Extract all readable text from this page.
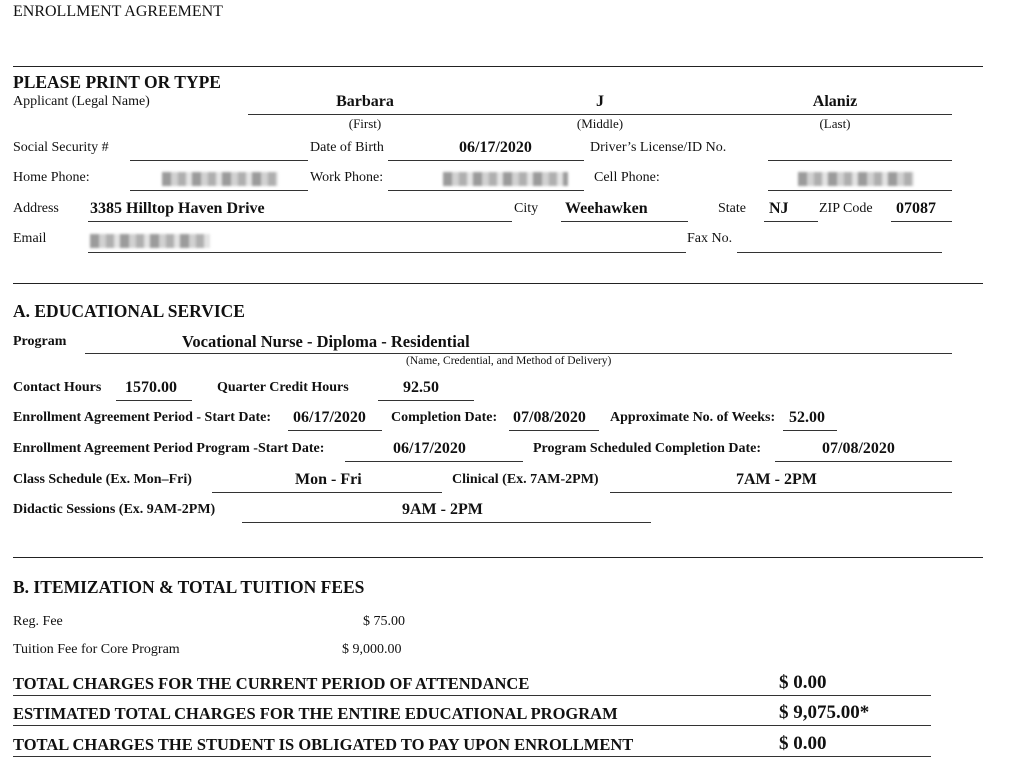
ENROLLMENT AGREEMENT
PLEASE PRINT OR TYPE
Applicant (Legal Name)	Barbara	J	Alaniz
(First)	(Middle)	(Last)
Social Security #	Date of Birth	06/17/2020	Driver’s License/ID No.
Home Phone:	Work Phone:	Cell Phone:
Address 3385 Hilltop Haven Drive	City Weehawken	State NJ ZIP Code 07087
Email	Fax No.
A. EDUCATIONAL SERVICE
Program	Vocational Nurse - Diploma - Residential
(Name, Credential, and Method of Delivery)
Contact Hours 1570.00	Quarter Credit Hours	92.50
Enrollment Agreement Period - Start Date: 06/17/2020 Completion Date: 07/08/2020 Approximate No. of Weeks: 52.00
Enrollment Agreement Period Program -Start Date:	06/17/2020	Program Scheduled Completion Date:	07/08/2020
Class Schedule (Ex. Mon–Fri)	Mon - Fri	Clinical (Ex. 7AM-2PM)	7AM - 2PM
Didactic Sessions (Ex. 9AM-2PM)	9AM - 2PM
B. ITEMIZATION & TOTAL TUITION FEES
Reg. Fee	$ 75.00
Tuition Fee for Core Program	$ 9,000.00
TOTAL CHARGES FOR THE CURRENT PERIOD OF ATTENDANCE	$ 0.00
ESTIMATED TOTAL CHARGES FOR THE ENTIRE EDUCATIONAL PROGRAM	$ 9,075.00*
TOTAL CHARGES THE STUDENT IS OBLIGATED TO PAY UPON ENROLLMENT	$ 0.00
